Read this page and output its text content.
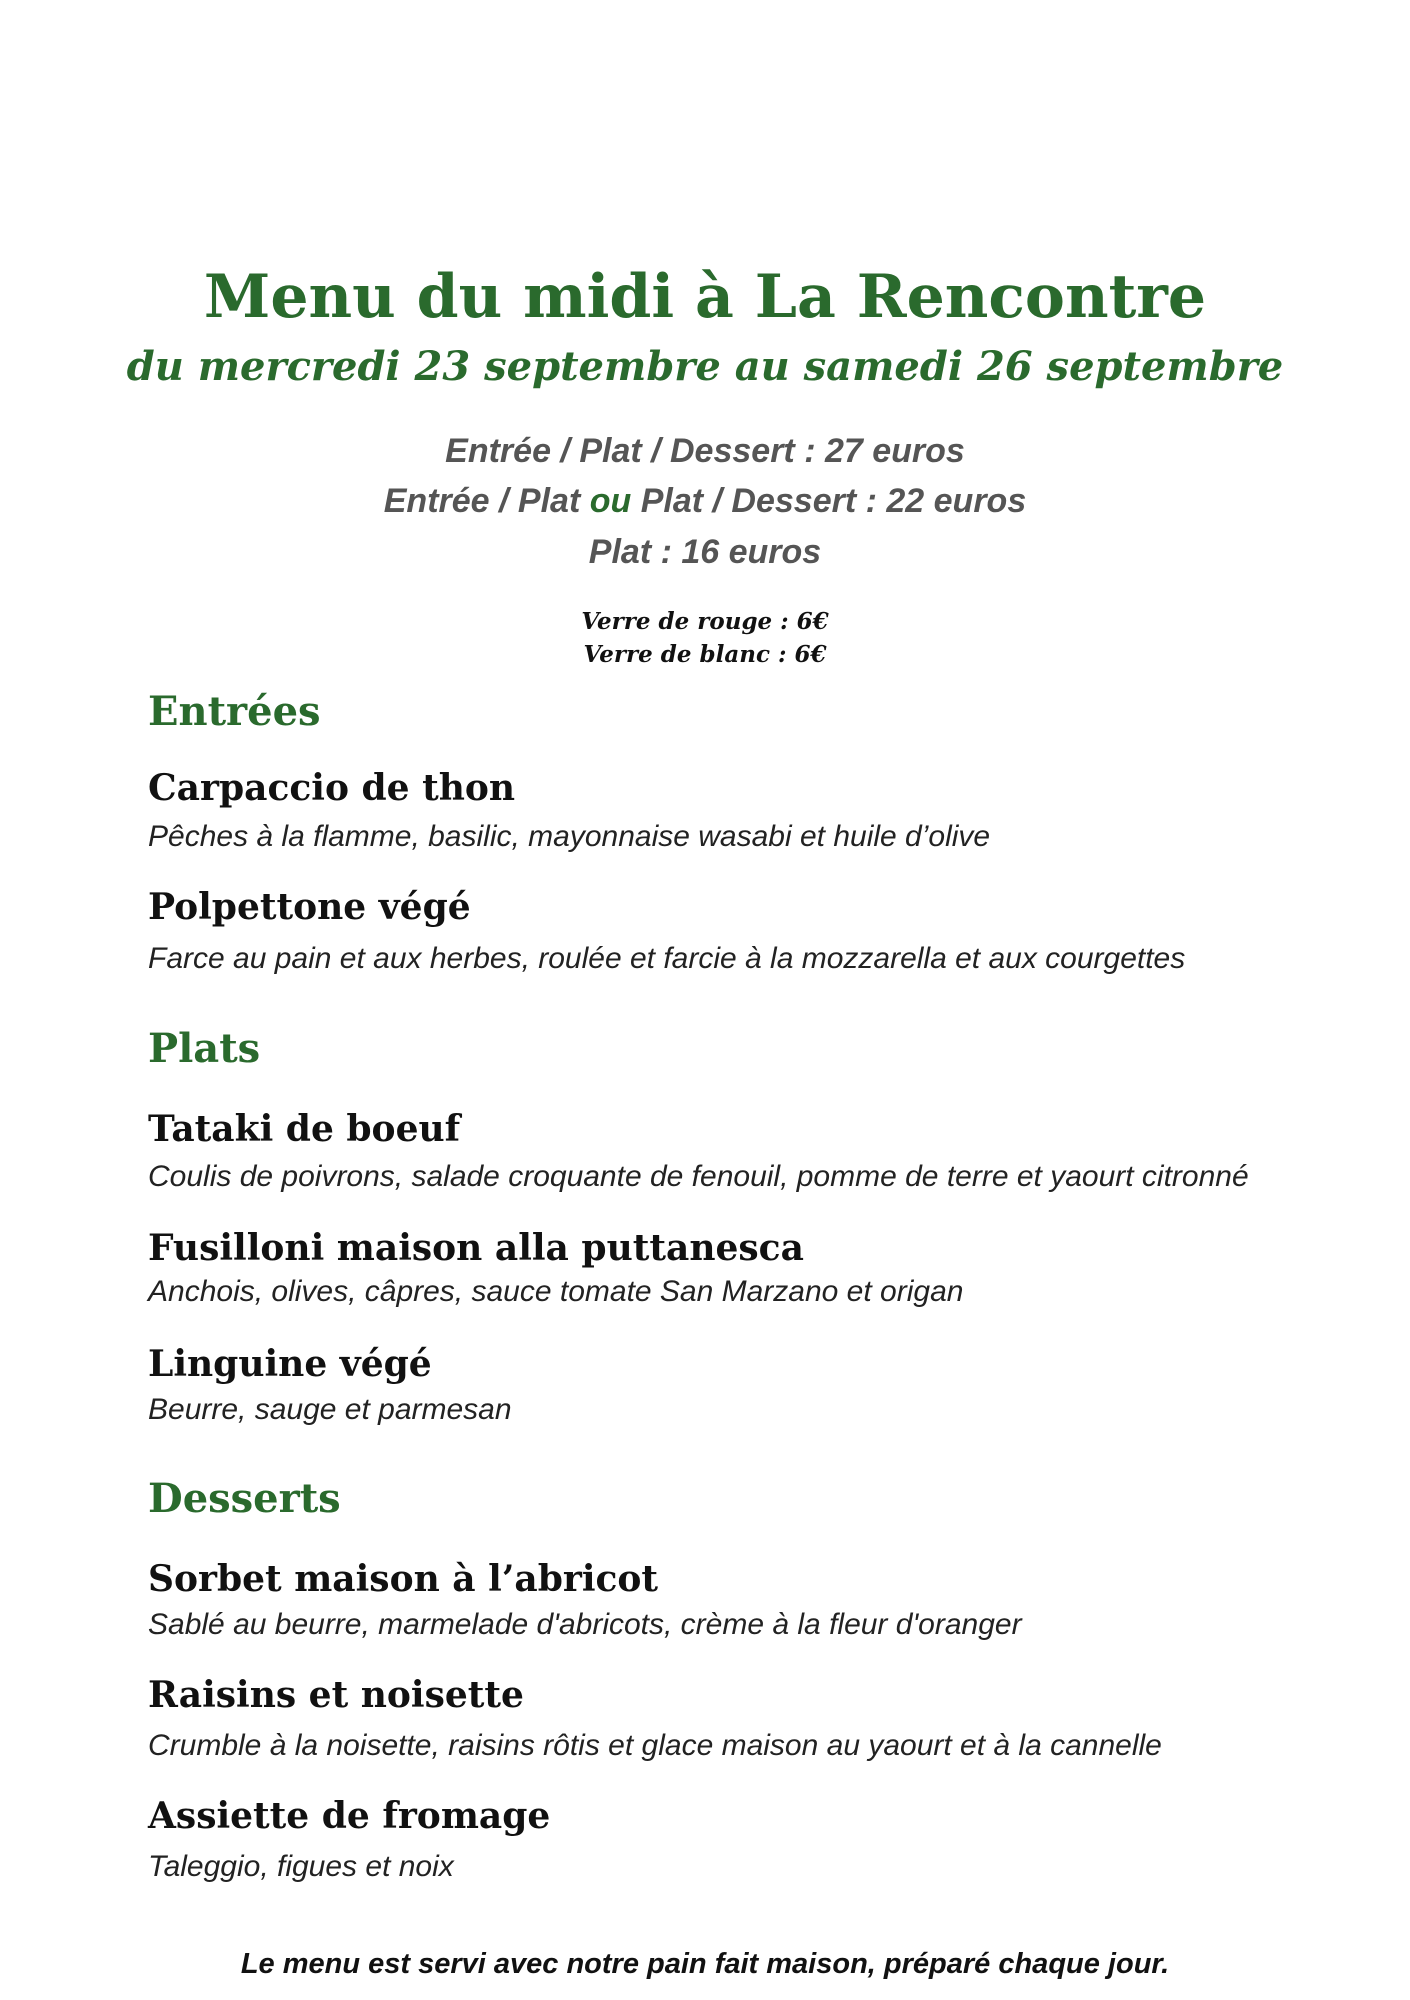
Menu du midi à La Rencontre
du mercredi 23 septembre au samedi 26 septembre
Entrée / Plat / Dessert : 27 euros
Entrée / Plat ou Plat / Dessert : 22 euros
Plat : 16 euros
Verre de rouge : 6€
Verre de blanc : 6€
Entrées
Carpaccio de thon
Pêches à la flamme, basilic, mayonnaise wasabi et huile d’olive
Polpettone végé
Farce au pain et aux herbes, roulée et farcie à la mozzarella et aux courgettes
Plats
Tataki de boeuf
Coulis de poivrons, salade croquante de fenouil, pomme de terre et yaourt citronné
Fusilloni maison alla puttanesca
Anchois, olives, câpres, sauce tomate San Marzano et origan
Linguine végé
Beurre, sauge et parmesan
Desserts
Sorbet maison à l’abricot
Sablé au beurre, marmelade d'abricots, crème à la fleur d'oranger
Raisins et noisette
Crumble à la noisette, raisins rôtis et glace maison au yaourt et à la cannelle
Assiette de fromage
Taleggio, figues et noix
Le menu est servi avec notre pain fait maison, préparé chaque jour.
